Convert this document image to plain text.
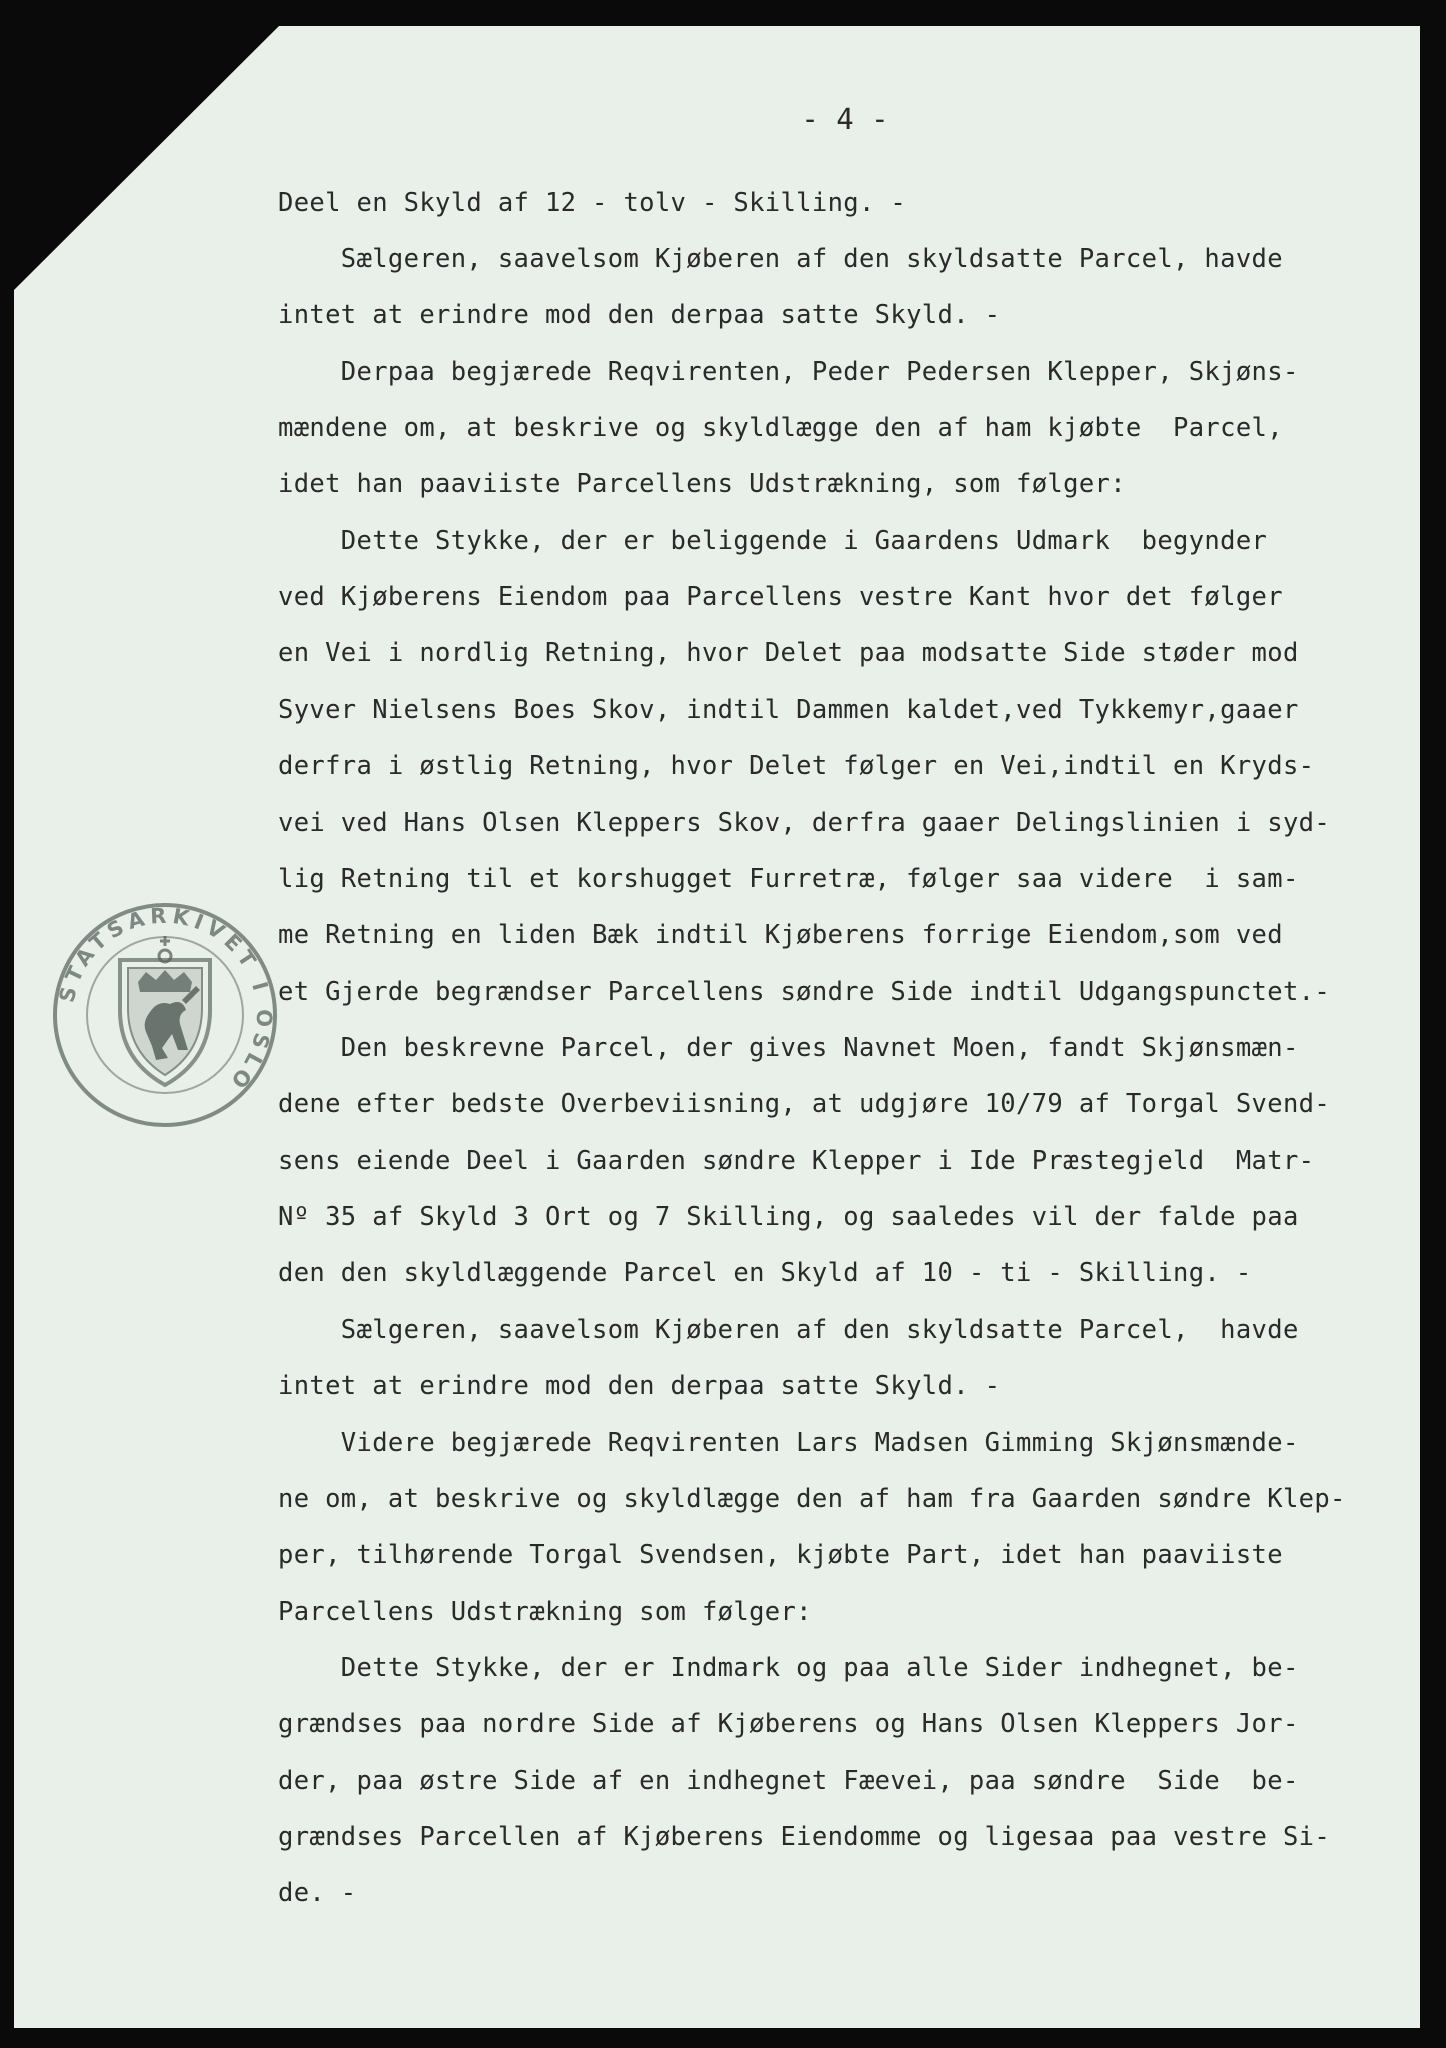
- 4 -
Deel en Skyld af 12 - tolv - Skilling. -
Sælgeren, saavelsom Kjøberen af den skyldsatte Parcel, havde
intet at erindre mod den derpaa satte Skyld. -
Derpaa begjærede Reqvirenten, Peder Pedersen Klepper, Skjøns-
mændene om, at beskrive og skyldlægge den af ham kjøbte  Parcel,
idet han paaviiste Parcellens Udstrækning, som følger:
Dette Stykke, der er beliggende i Gaardens Udmark  begynder
ved Kjøberens Eiendom paa Parcellens vestre Kant hvor det følger
en Vei i nordlig Retning, hvor Delet paa modsatte Side støder mod
Syver Nielsens Boes Skov, indtil Dammen kaldet,ved Tykkemyr,gaaer
derfra i østlig Retning, hvor Delet følger en Vei,indtil en Kryds-
vei ved Hans Olsen Kleppers Skov, derfra gaaer Delingslinien i syd-
lig Retning til et korshugget Furretræ, følger saa videre  i sam-
me Retning en liden Bæk indtil Kjøberens forrige Eiendom,som ved
et Gjerde begrændser Parcellens søndre Side indtil Udgangspunctet.-
Den beskrevne Parcel, der gives Navnet Moen, fandt Skjønsmæn-
dene efter bedste Overbeviisning, at udgjøre 10/79 af Torgal Svend-
sens eiende Deel i Gaarden søndre Klepper i Ide Præstegjeld  Matr-
Nº 35 af Skyld 3 Ort og 7 Skilling, og saaledes vil der falde paa
den den skyldlæggende Parcel en Skyld af 10 - ti - Skilling. -
Sælgeren, saavelsom Kjøberen af den skyldsatte Parcel,  havde
intet at erindre mod den derpaa satte Skyld. -
Videre begjærede Reqvirenten Lars Madsen Gimming Skjønsmænde-
ne om, at beskrive og skyldlægge den af ham fra Gaarden søndre Klep-
per, tilhørende Torgal Svendsen, kjøbte Part, idet han paaviiste
Parcellens Udstrækning som følger:
Dette Stykke, der er Indmark og paa alle Sider indhegnet, be-
grændses paa nordre Side af Kjøberens og Hans Olsen Kleppers Jor-
der, paa østre Side af en indhegnet Fæevei, paa søndre  Side  be-
grændses Parcellen af Kjøberens Eiendomme og ligesaa paa vestre Si-
de. -
STATSARKIVET I OSLO
